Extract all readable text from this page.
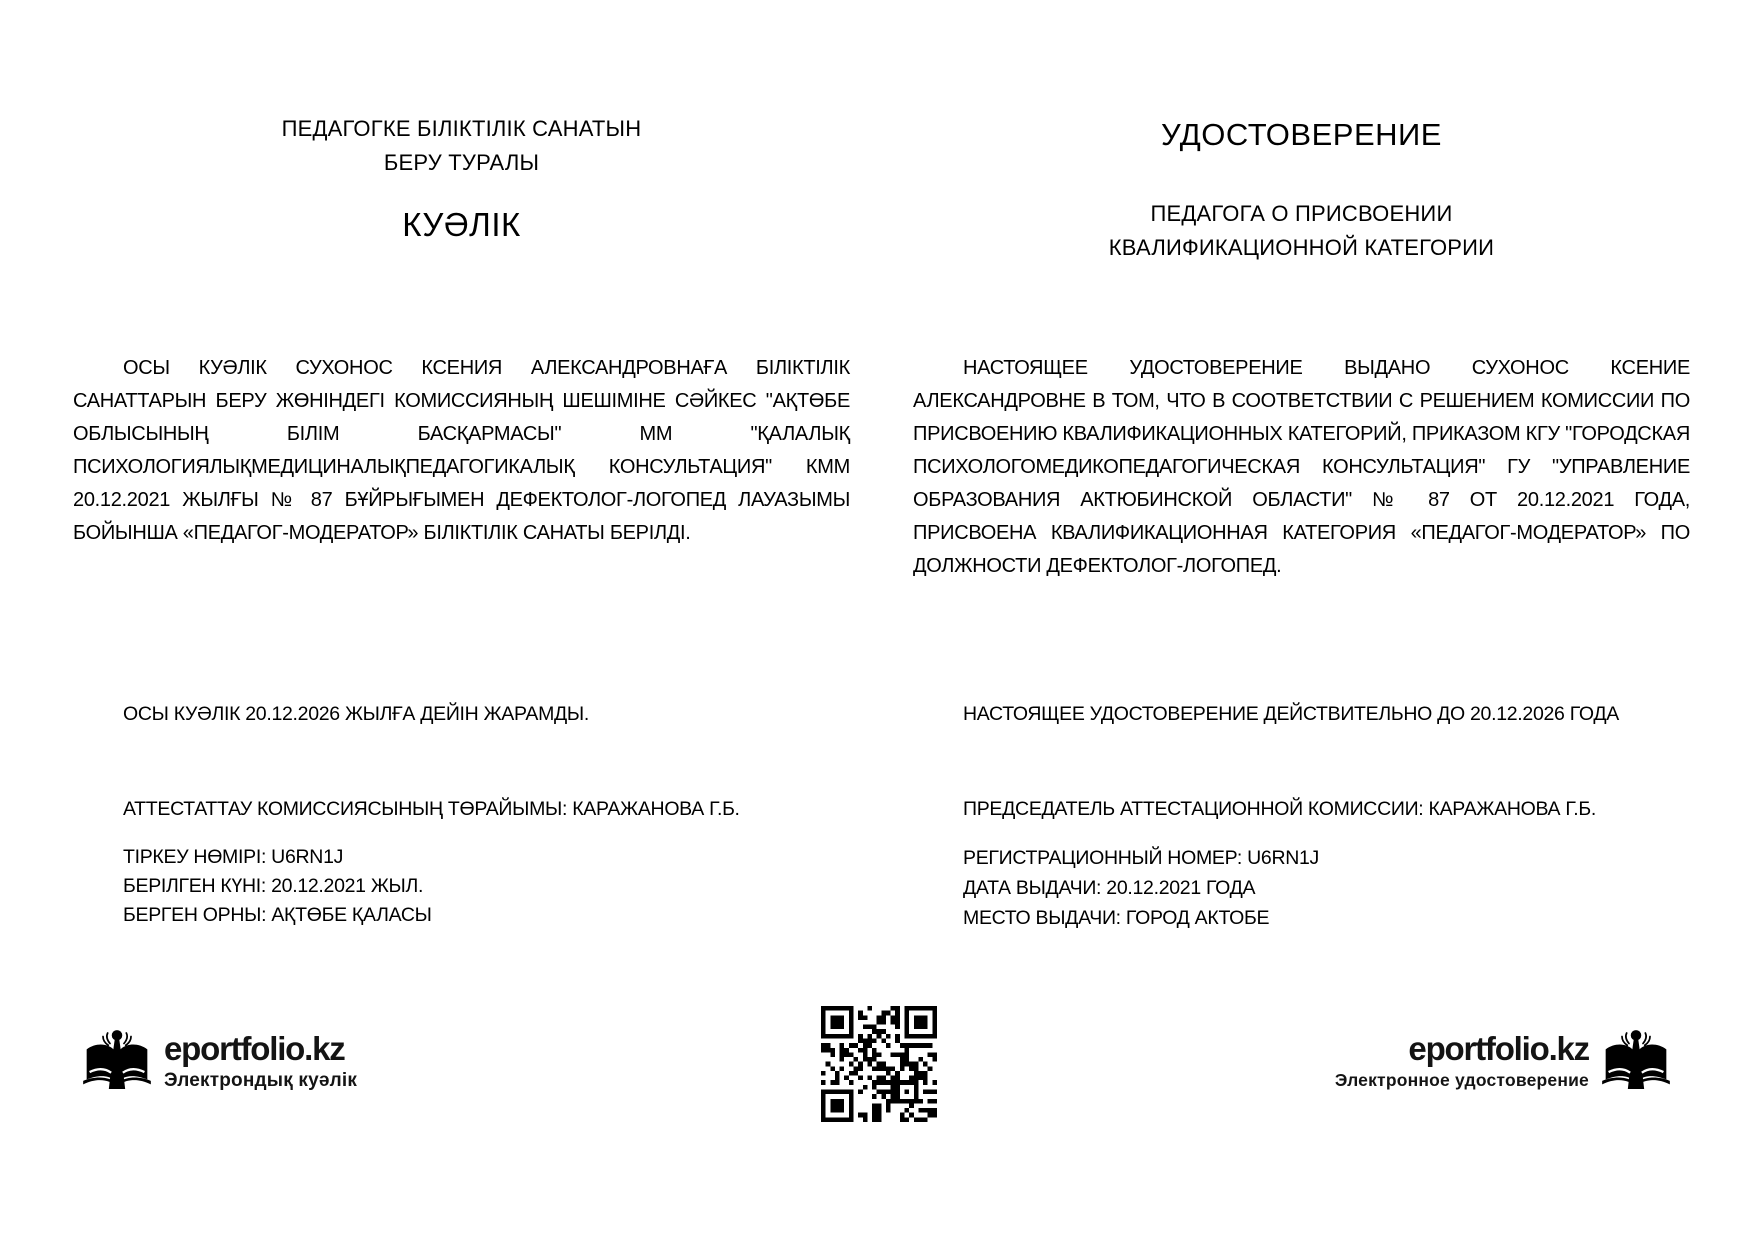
ПЕДАГОГКЕ БІЛІКТІЛІК САНАТЫН
БЕРУ ТУРАЛЫ
КУӘЛІК
ОСЫ КУӘЛІК СУХОНОС КСЕНИЯ АЛЕКСАНДРОВНАҒА БІЛІКТІЛІК САНАТТАРЫН БЕРУ ЖӨНІНДЕГІ КОМИССИЯНЫҢ ШЕШІМІНЕ СӘЙКЕС "АҚТӨБЕ ОБЛЫСЫНЫҢ БІЛІМ БАСҚАРМАСЫ" ММ "ҚАЛАЛЫҚ ПСИХОЛОГИЯЛЫҚМЕДИЦИНАЛЫҚПЕДАГОГИКАЛЫҚ КОНСУЛЬТАЦИЯ" КММ 20.12.2021 ЖЫЛҒЫ № 87 БҰЙРЫҒЫМЕН ДЕФЕКТОЛОГ-ЛОГОПЕД ЛАУАЗЫМЫ БОЙЫНША «ПЕДАГОГ-МОДЕРАТОР» БІЛІКТІЛІК САНАТЫ БЕРІЛДІ.
ОСЫ КУӘЛІК 20.12.2026 ЖЫЛҒА ДЕЙІН ЖАРАМДЫ.
АТТЕСТАТТАУ КОМИССИЯСЫНЫҢ ТӨРАЙЫМЫ: КАРАЖАНОВА Г.Б.
ТІРКЕУ НӨМІРІ: U6RN1J
БЕРІЛГЕН КҮНІ: 20.12.2021 ЖЫЛ.
БЕРГЕН ОРНЫ: АҚТӨБЕ ҚАЛАСЫ
УДОСТОВЕРЕНИЕ
ПЕДАГОГА О ПРИСВОЕНИИ
КВАЛИФИКАЦИОННОЙ КАТЕГОРИИ
НАСТОЯЩЕЕ УДОСТОВЕРЕНИЕ ВЫДАНО СУХОНОС КСЕНИЕ АЛЕКСАНДРОВНЕ В ТОМ, ЧТО В СООТВЕТСТВИИ С РЕШЕНИЕМ КОМИССИИ ПО ПРИСВОЕНИЮ КВАЛИФИКАЦИОННЫХ КАТЕГОРИЙ, ПРИКАЗОМ КГУ "ГОРОДСКАЯ ПСИХОЛОГОМЕДИКОПЕДАГОГИЧЕСКАЯ КОНСУЛЬТАЦИЯ" ГУ "УПРАВЛЕНИЕ ОБРАЗОВАНИЯ АКТЮБИНСКОЙ ОБЛАСТИ" № 87 ОТ 20.12.2021 ГОДА, ПРИСВОЕНА КВАЛИФИКАЦИОННАЯ КАТЕГОРИЯ «ПЕДАГОГ-МОДЕРАТОР» ПО ДОЛЖНОСТИ ДЕФЕКТОЛОГ-ЛОГОПЕД.
НАСТОЯЩЕЕ УДОСТОВЕРЕНИЕ ДЕЙСТВИТЕЛЬНО ДО 20.12.2026 ГОДА
ПРЕДСЕДАТЕЛЬ АТТЕСТАЦИОННОЙ КОМИССИИ: КАРАЖАНОВА Г.Б.
РЕГИСТРАЦИОННЫЙ НОМЕР: U6RN1J
ДАТА ВЫДАЧИ: 20.12.2021 ГОДА
МЕСТО ВЫДАЧИ: ГОРОД АКТОБЕ
eportfolio.kz
Электрондық куәлік
eportfolio.kz
Электронное удостоверение
